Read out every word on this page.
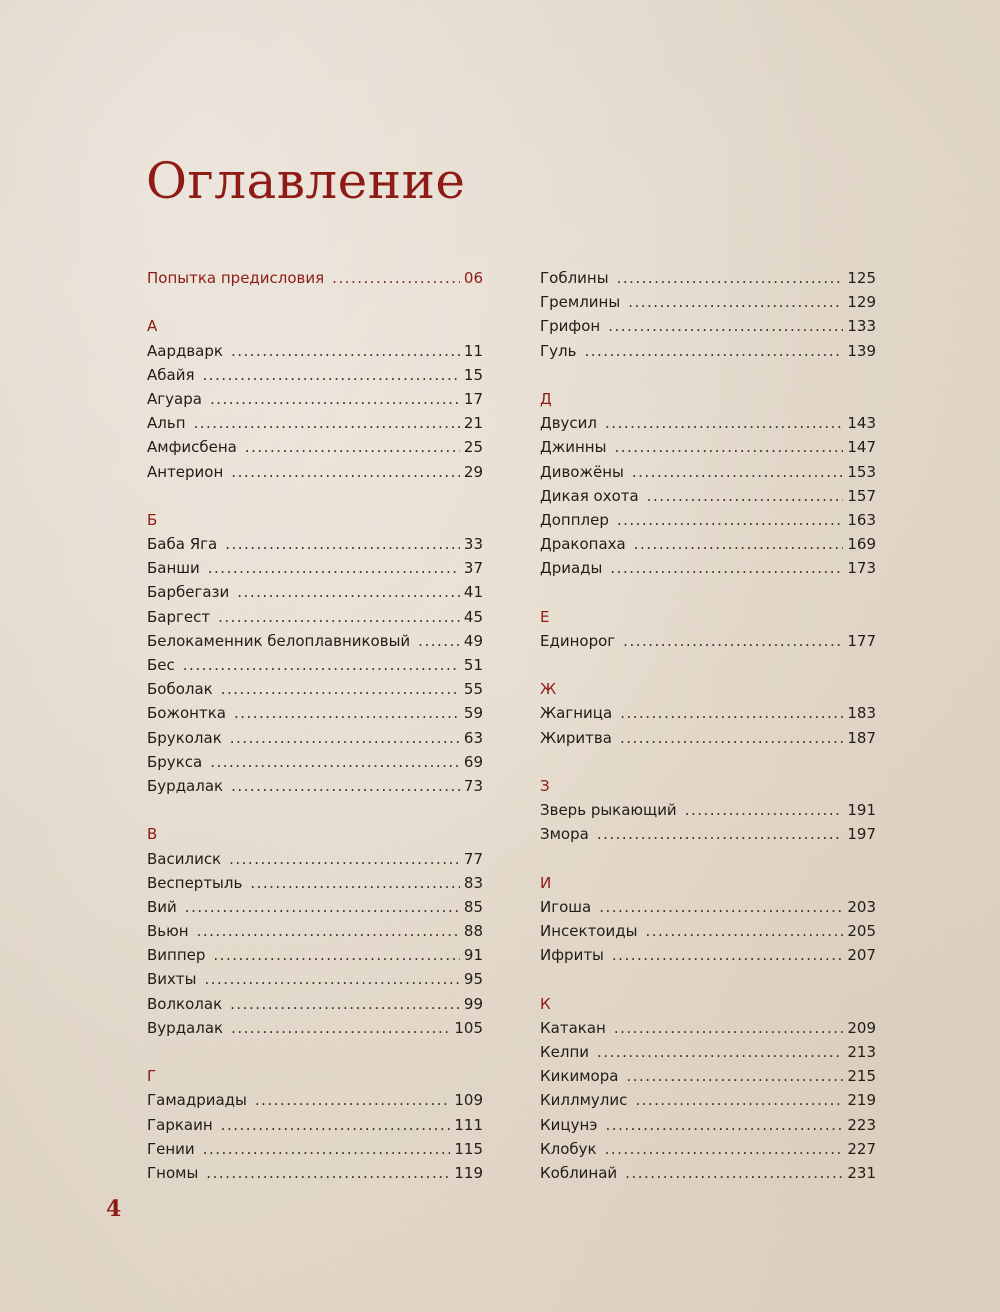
Оглавление
Попытка предисловия .....	06
А
Аардварк .....	11
Абайя .....	15
Агуара .....	17
Альп .....	21
Амфисбена .....	25
Антерион .....	29
Б
Баба Яга .....	33
Банши .....	37
Барбегази .....	41
Баргест .....	45
Белокаменник белоплавниковый .....	49
Бес .....	51
Боболак .....	55
Божонтка .....	59
Бруколак .....	63
Брукса .....	69
Бурдалак .....	73
В
Василиск .....	77
Веспертыль .....	83
Вий .....	85
Вьюн .....	88
Виппер .....	91
Вихты .....	95
Волколак .....	99
Вурдалак .....	105
Г
Гамадриады .....	109
Гаркаин .....	111
Гении .....	115
Гномы .....	119
Гоблины .....	125
Гремлины .....	129
Грифон .....	133
Гуль .....	139
Д
Двусил .....	143
Джинны .....	147
Дивожёны .....	153
Дикая охота .....	157
Допплер .....	163
Дракопаха .....	169
Дриады .....	173
Е
Единорог .....	177
Ж
Жагница .....	183
Жиритва .....	187
З
Зверь рыкающий .....	191
Змора .....	197
И
Игоша .....	203
Инсектоиды .....	205
Ифриты .....	207
К
Катакан .....	209
Келпи .....	213
Кикимора .....	215
Киллмулис .....	219
Кицунэ .....	223
Клобук .....	227
Коблинай .....	231
4
